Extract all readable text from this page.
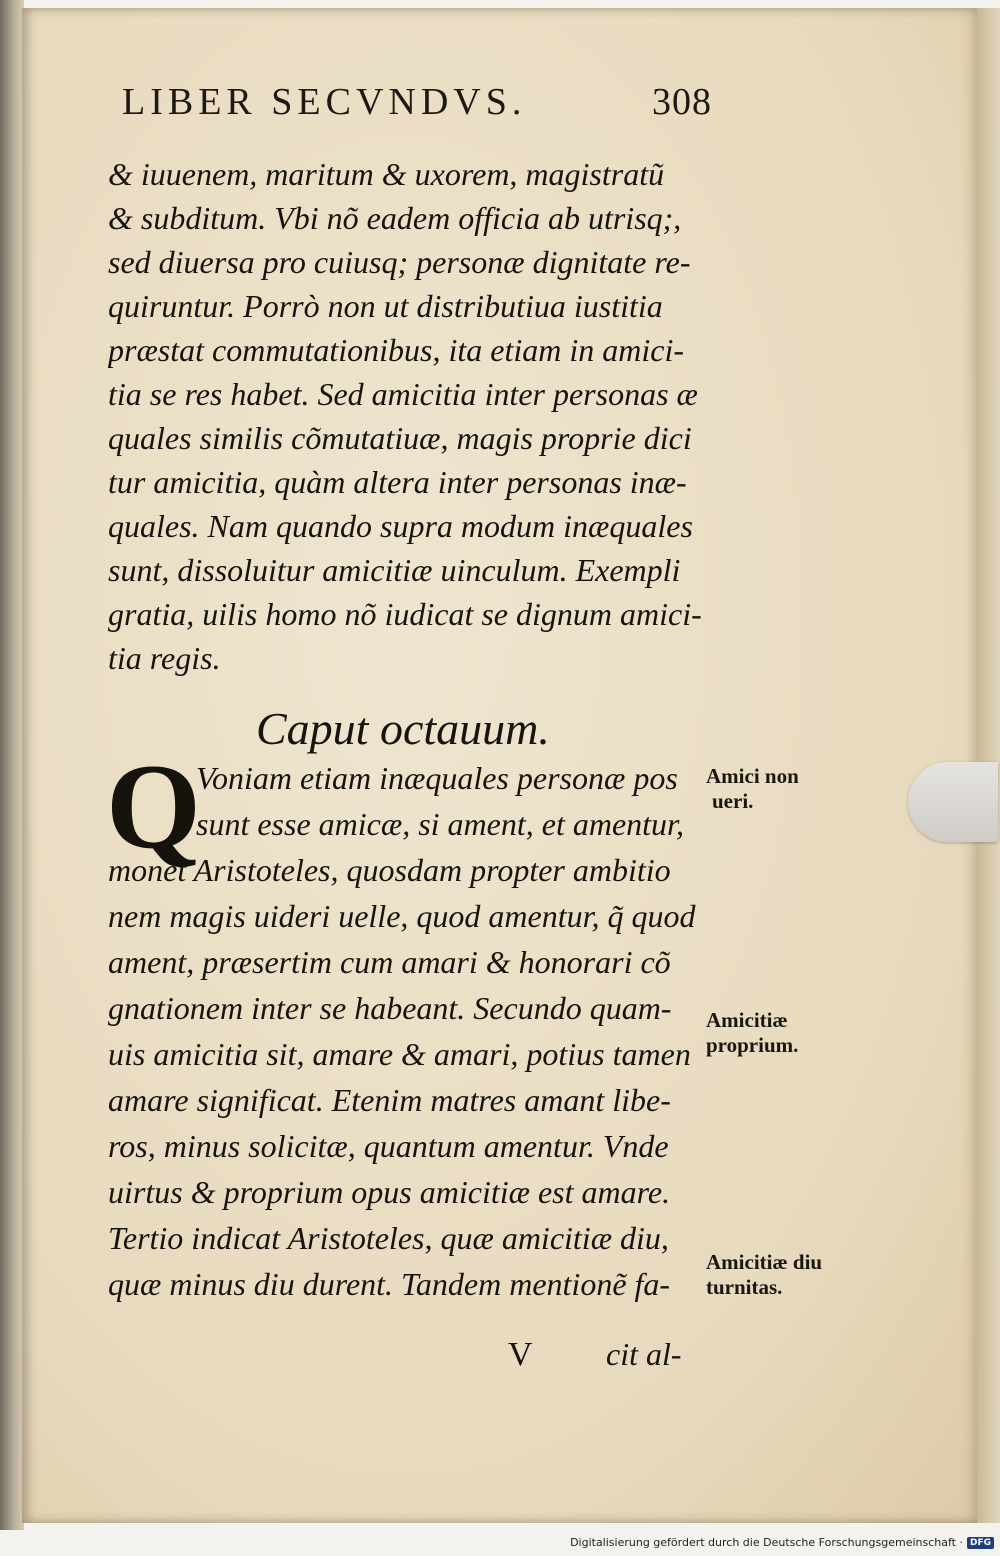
LIBER SECVNDVS.	308
& iuuenem, maritum & uxorem, magistratũ
& subditum. Vbi nõ eadem officia ab utrisq;,
sed diuersa pro cuiusq; personæ dignitate re-
quiruntur. Porrò non ut distributiua iustitia
præstat commutationibus, ita etiam in amici-
tia se res habet. Sed amicitia inter personas æ
quales similis cõmutatiuæ, magis proprie dici
tur amicitia, quàm altera inter personas inæ-
quales. Nam quando supra modum inæquales
sunt, dissoluitur amicitiæ uinculum. Exempli
gratia, uilis homo nõ iudicat se dignum amici-
tia regis.
Caput octauum.
Q
Voniam etiam inæquales personæ pos
sunt esse amicæ, si ament, et amentur,
monet Aristoteles, quosdam propter ambitio
nem magis uideri uelle, quod amentur, q̃ quod
ament, præsertim cum amari & honorari cõ
gnationem inter se habeant. Secundo quam-
uis amicitia sit, amare & amari, potius tamen
amare significat. Etenim matres amant libe-
ros, minus solicitæ, quantum amentur. Vnde
uirtus & proprium opus amicitiæ est amare.
Tertio indicat Aristoteles, quæ amicitiæ diu,
quæ minus diu durent. Tandem mentionẽ fa-
Amici non
ueri.
Amicitiæ
proprium.
Amicitiæ diu
turnitas.
V cit al-
Digitalisierung gefördert durch die Deutsche Forschungsgemeinschaft · DFG
